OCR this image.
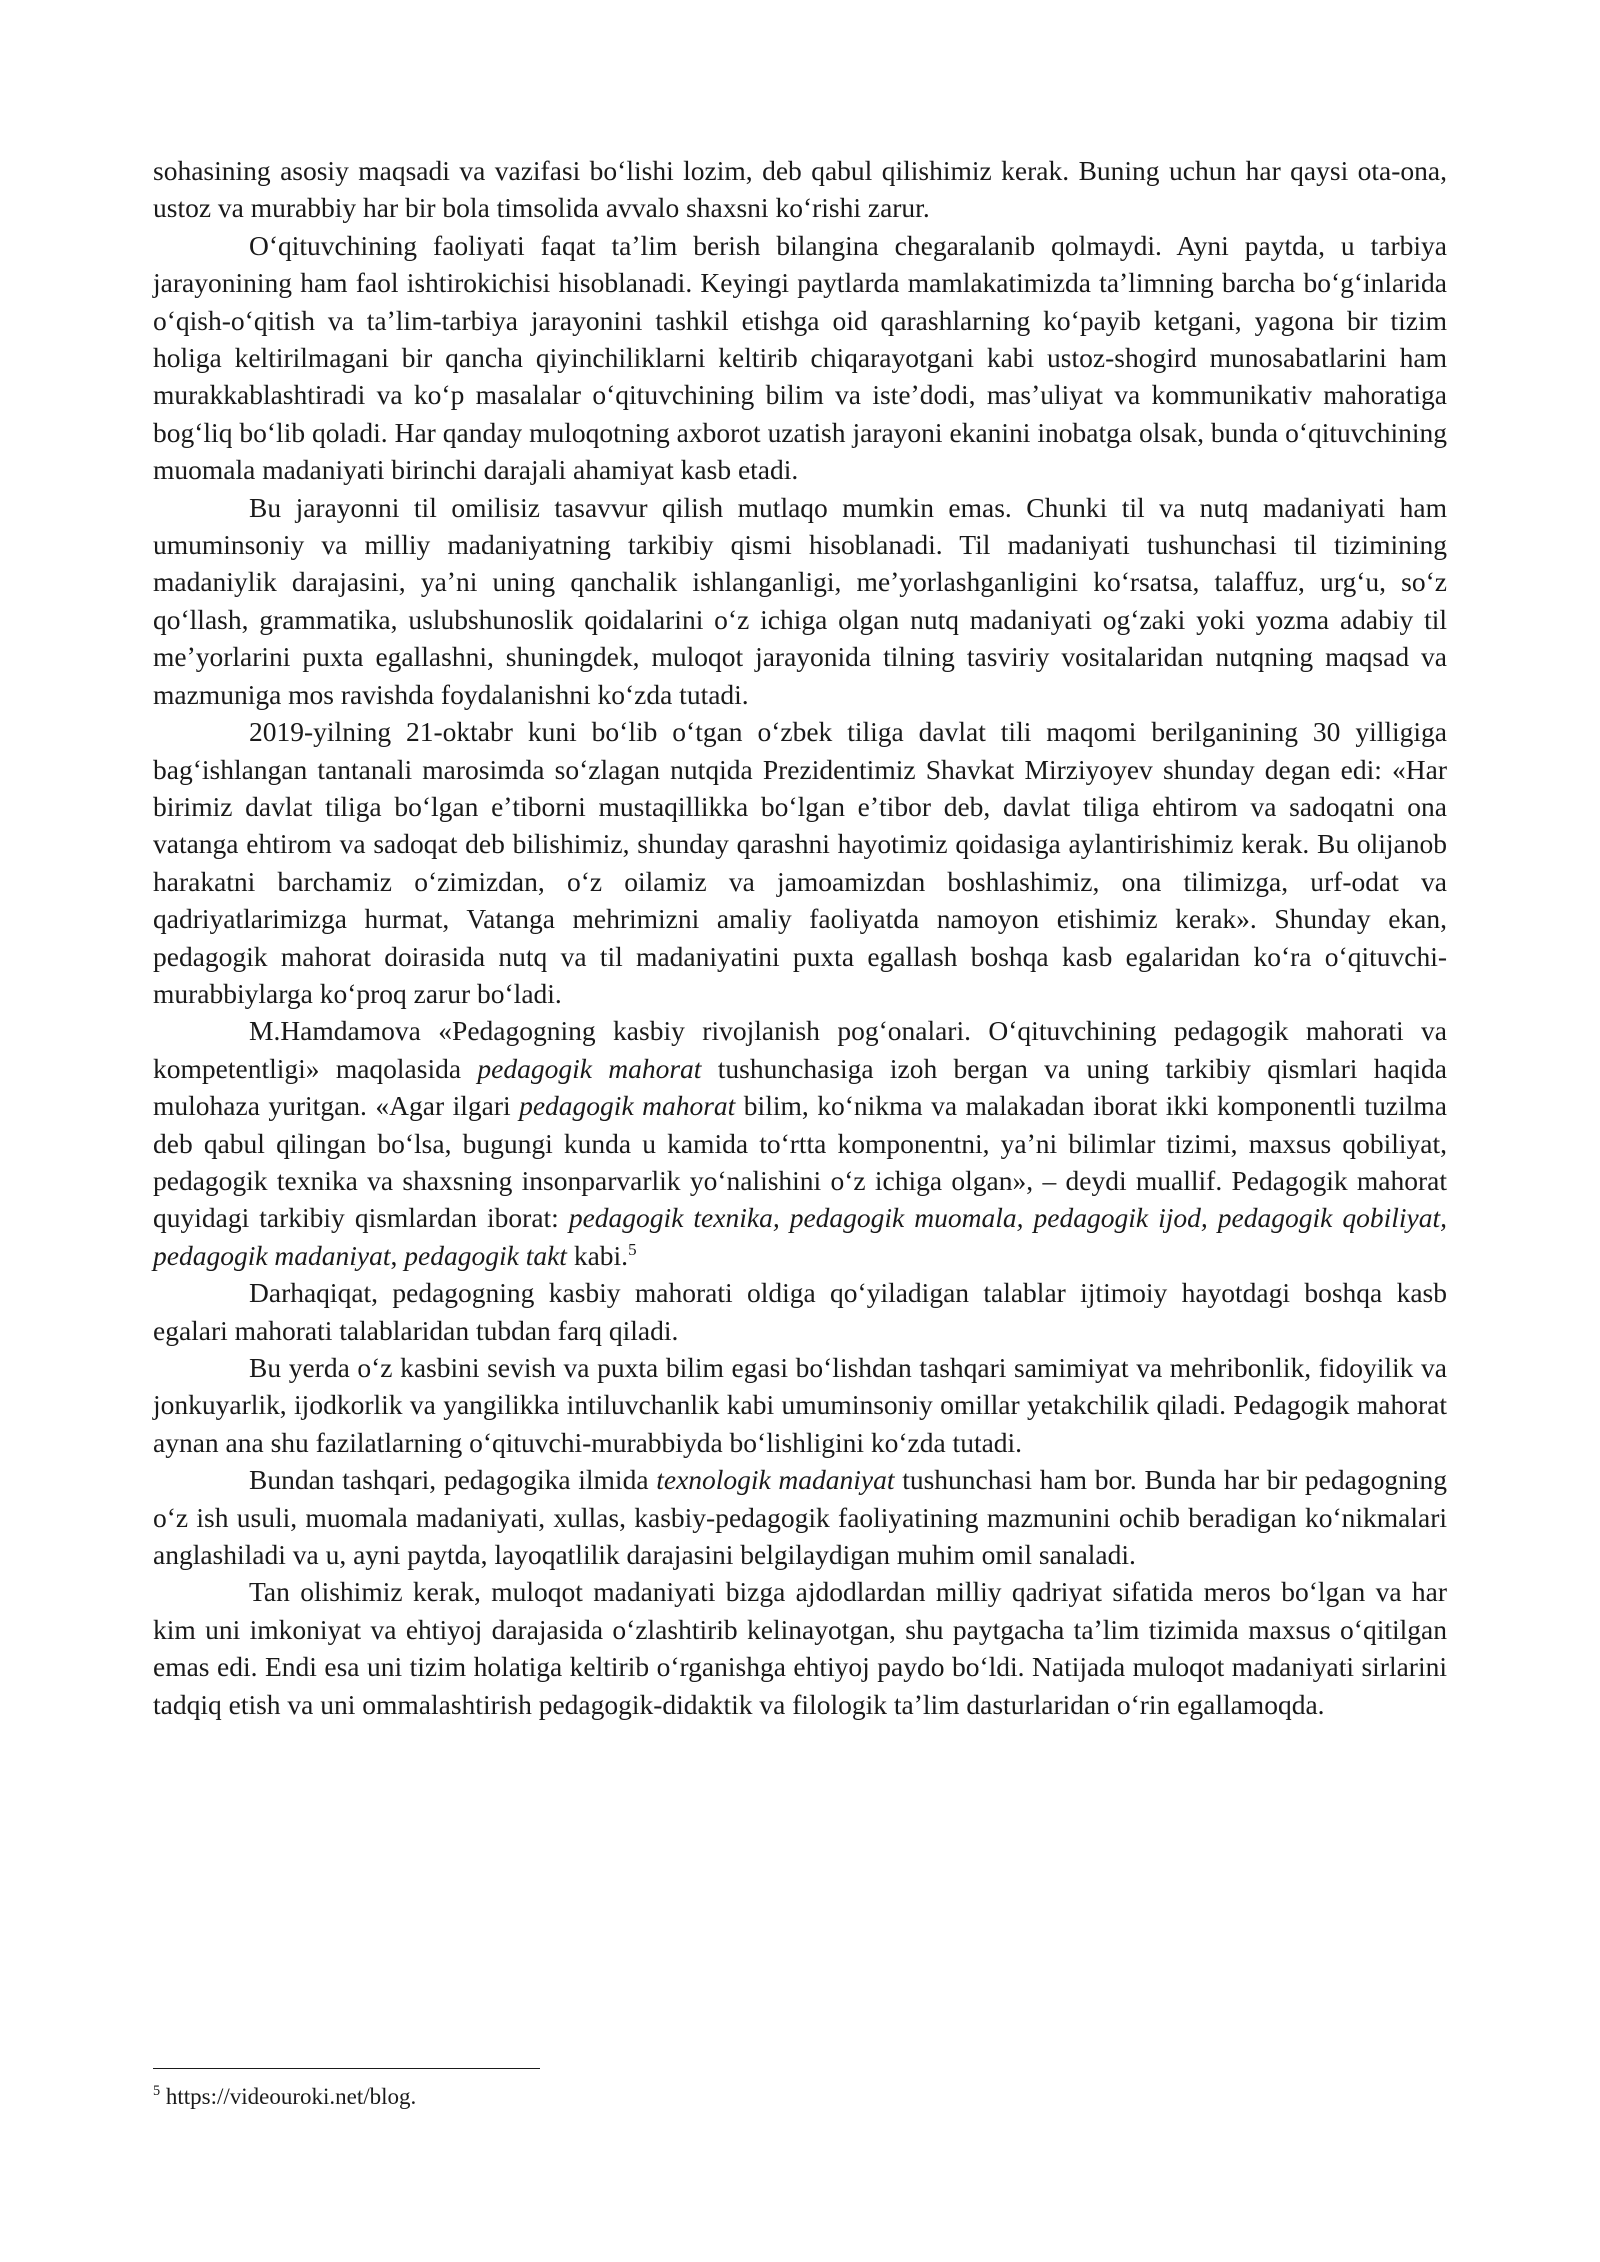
sohasining asosiy maqsadi va vazifasi boʻlishi lozim, deb qabul qilishimiz kerak. Buning uchun har qaysi ota-ona, ustoz va murabbiy har bir bola timsolida avvalo shaxsni koʻrishi zarur.

Oʻqituvchining faoliyati faqat taʼlim berish bilangina chegaralanib qolmaydi. Ayni paytda, u tarbiya jarayonining ham faol ishtirokichisi hisoblanadi. Keyingi paytlarda mamlakatimizda taʼlimning barcha boʻgʻinlarida oʻqish-oʻqitish va taʼlim-tarbiya jarayonini tashkil etishga oid qarashlarning koʻpayib ketgani, yagona bir tizim holiga keltirilmagani bir qancha qiyinchiliklarni keltirib chiqarayotgani kabi ustoz-shogird munosabatlarini ham murakkablashtiradi va koʻp masalalar oʻqituvchining bilim va isteʼdodi, masʼuliyat va kommunikativ mahoratiga bogʻliq boʻlib qoladi. Har qanday muloqotning axborot uzatish jarayoni ekanini inobatga olsak, bunda oʻqituvchining muomala madaniyati birinchi darajali ahamiyat kasb etadi.

Bu jarayonni til omilisiz tasavvur qilish mutlaqo mumkin emas. Chunki til va nutq madaniyati ham umuminsoniy va milliy madaniyatning tarkibiy qismi hisoblanadi. Til madaniyati tushunchasi til tizimining madaniylik darajasini, yaʼni uning qanchalik ishlanganligi, meʼyorlashganligini koʻrsatsa, talaffuz, urgʻu, soʻz qoʻllash, grammatika, uslubshunoslik qoidalarini oʻz ichiga olgan nutq madaniyati ogʻzaki yoki yozma adabiy til meʼyorlarini puxta egallashni, shuningdek, muloqot jarayonida tilning tasviriy vositalaridan nutqning maqsad va mazmuniga mos ravishda foydalanishni koʻzda tutadi.

2019-yilning 21-oktabr kuni boʻlib oʻtgan oʻzbek tiliga davlat tili maqomi berilganining 30 yilligiga bagʻishlangan tantanali marosimda soʻzlagan nutqida Prezidentimiz Shavkat Mirziyoyev shunday degan edi: «Har birimiz davlat tiliga boʻlgan eʼtiborni mustaqillikka boʻlgan eʼtibor deb, davlat tiliga ehtirom va sadoqatni ona vatanga ehtirom va sadoqat deb bilishimiz, shunday qarashni hayotimiz qoidasiga aylantirishimiz kerak. Bu olijanob harakatni barchamiz oʻzimizdan, oʻz oilamiz va jamoamizdan boshlashimiz, ona tilimizga, urf-odat va qadriyatlarimizga hurmat, Vatanga mehrimizni amaliy faoliyatda namoyon etishimiz kerak». Shunday ekan, pedagogik mahorat doirasida nutq va til madaniyatini puxta egallash boshqa kasb egalaridan koʻra oʻqituvchi-murabbiylarga koʻproq zarur boʻladi.

M.Hamdamova «Pedagogning kasbiy rivojlanish pogʻonalari. Oʻqituvchining pedagogik mahorati va kompetentligi» maqolasida pedagogik mahorat tushunchasiga izoh bergan va uning tarkibiy qismlari haqida mulohaza yuritgan. «Agar ilgari pedagogik mahorat bilim, koʻnikma va malakadan iborat ikki komponentli tuzilma deb qabul qilingan boʻlsa, bugungi kunda u kamida toʻrtta komponentni, yaʼni bilimlar tizimi, maxsus qobiliyat, pedagogik texnika va shaxsning insonparvarlik yoʻnalishini oʻz ichiga olgan», – deydi muallif. Pedagogik mahorat quyidagi tarkibiy qismlardan iborat: pedagogik texnika, pedagogik muomala, pedagogik ijod, pedagogik qobiliyat, pedagogik madaniyat, pedagogik takt kabi.$^5$

Darhaqiqat, pedagogning kasbiy mahorati oldiga qoʻyiladigan talablar ijtimoiy hayotdagi boshqa kasb egalari mahorati talablaridan tubdan farq qiladi.

Bu yerda oʻz kasbini sevish va puxta bilim egasi boʻlishdan tashqari samimiyat va mehribonlik, fidoyilik va jonkuyarlik, ijodkorlik va yangilikka intiluvchanlik kabi umuminsoniy omillar yetakchilik qiladi. Pedagogik mahorat aynan ana shu fazilatlarning oʻqituvchi-murabbiyda boʻlishligini koʻzda tutadi.

Bundan tashqari, pedagogika ilmida texnologik madaniyat tushunchasi ham bor. Bunda har bir pedagogning oʻz ish usuli, muomala madaniyati, xullas, kasbiy-pedagogik faoliyatining mazmunini ochib beradigan koʻnikmalari anglashiladi va u, ayni paytda, layoqatlilik darajasini belgilaydigan muhim omil sanaladi.

Tan olishimiz kerak, muloqot madaniyati bizga ajdodlardan milliy qadriyat sifatida meros boʻlgan va har kim uni imkoniyat va ehtiyoj darajasida oʻzlashtirib kelinayotgan, shu paytgacha taʼlim tizimida maxsus oʻqitilgan emas edi. Endi esa uni tizim holatiga keltirib oʻrganishga ehtiyoj paydo boʻldi. Natijada muloqot madaniyati sirlarini tadqiq etish va uni ommalashtirish pedagogik-didaktik va filologik taʼlim dasturlaridan oʻrin egallamoqda.

$^5$ https://videouroki.net/blog.
